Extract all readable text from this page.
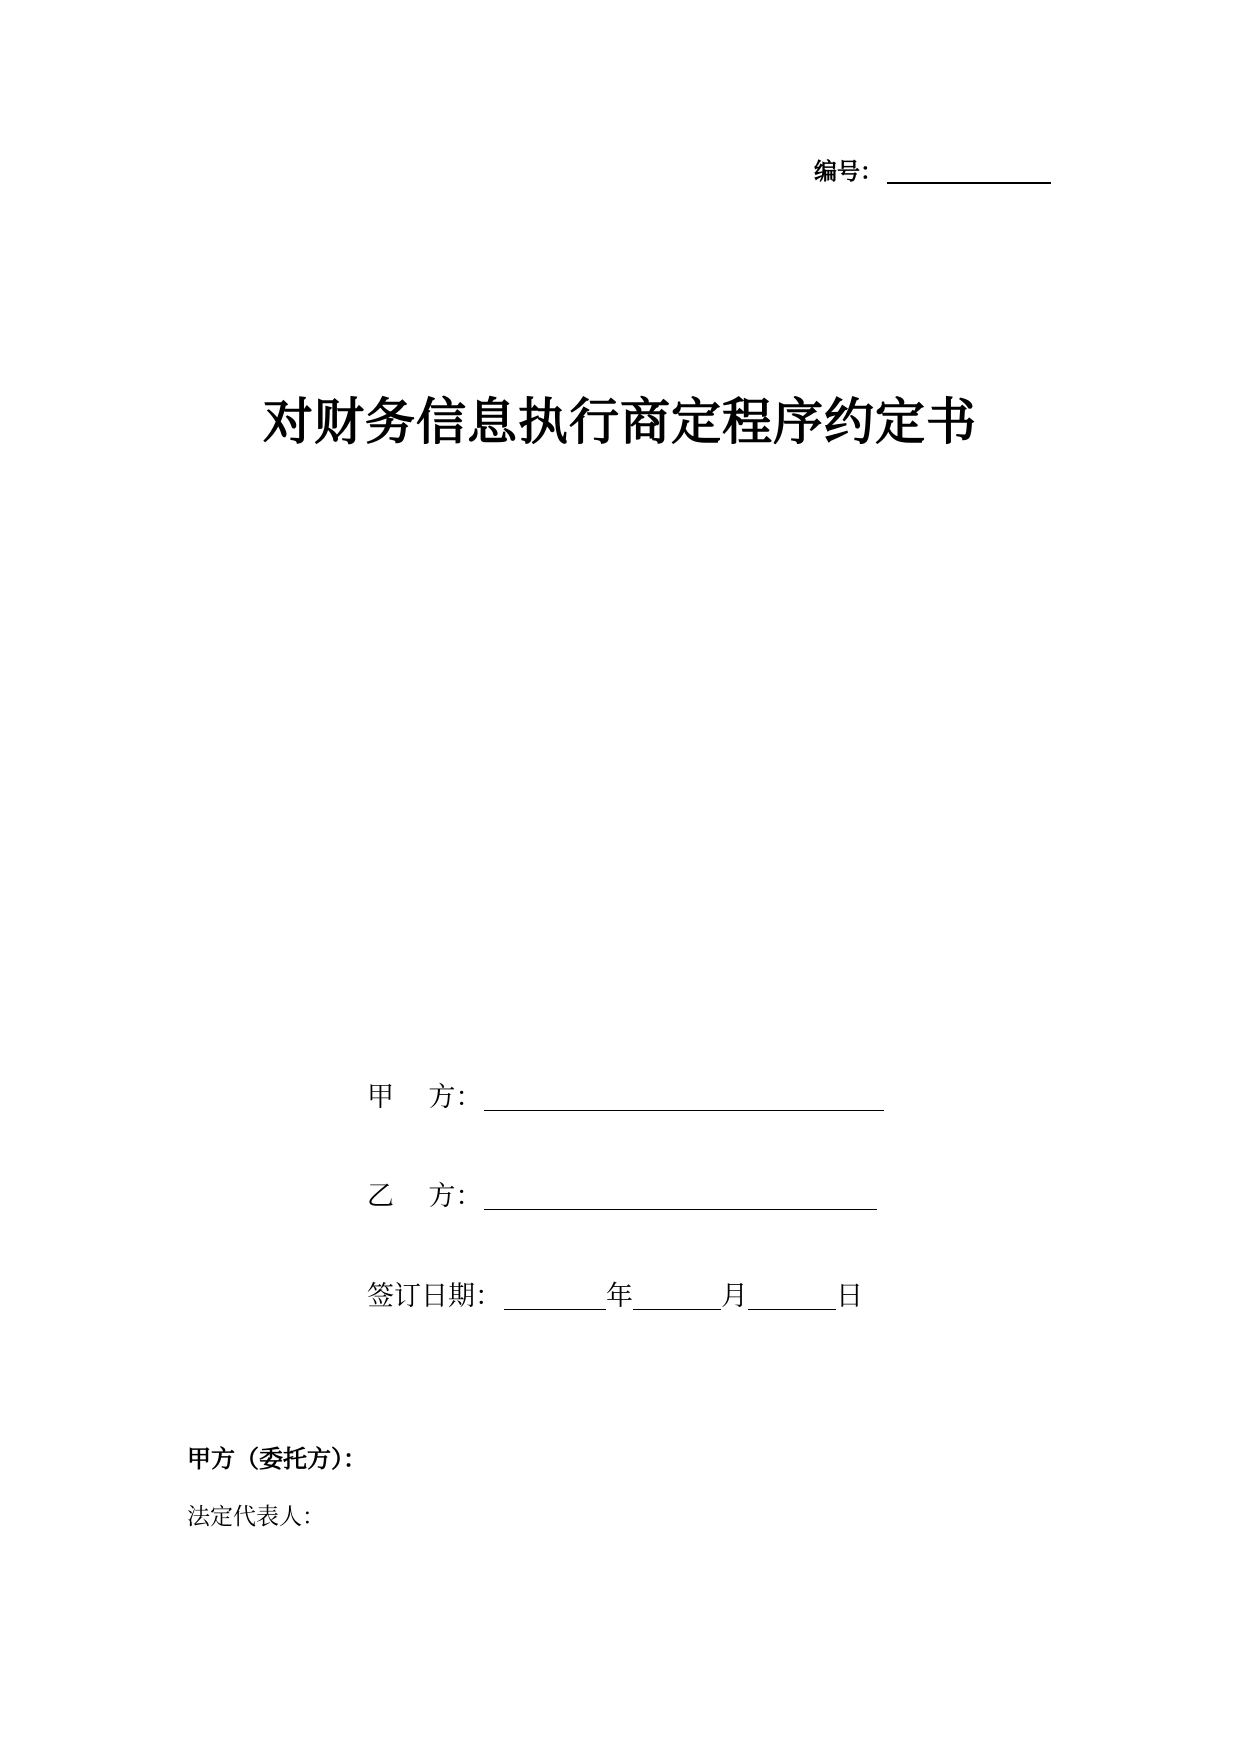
编号：
对财务信息执行商定程序约定书
甲    方：
乙    方：
签订日期：	年	月	日
甲方（委托方）：
法定代表人：
